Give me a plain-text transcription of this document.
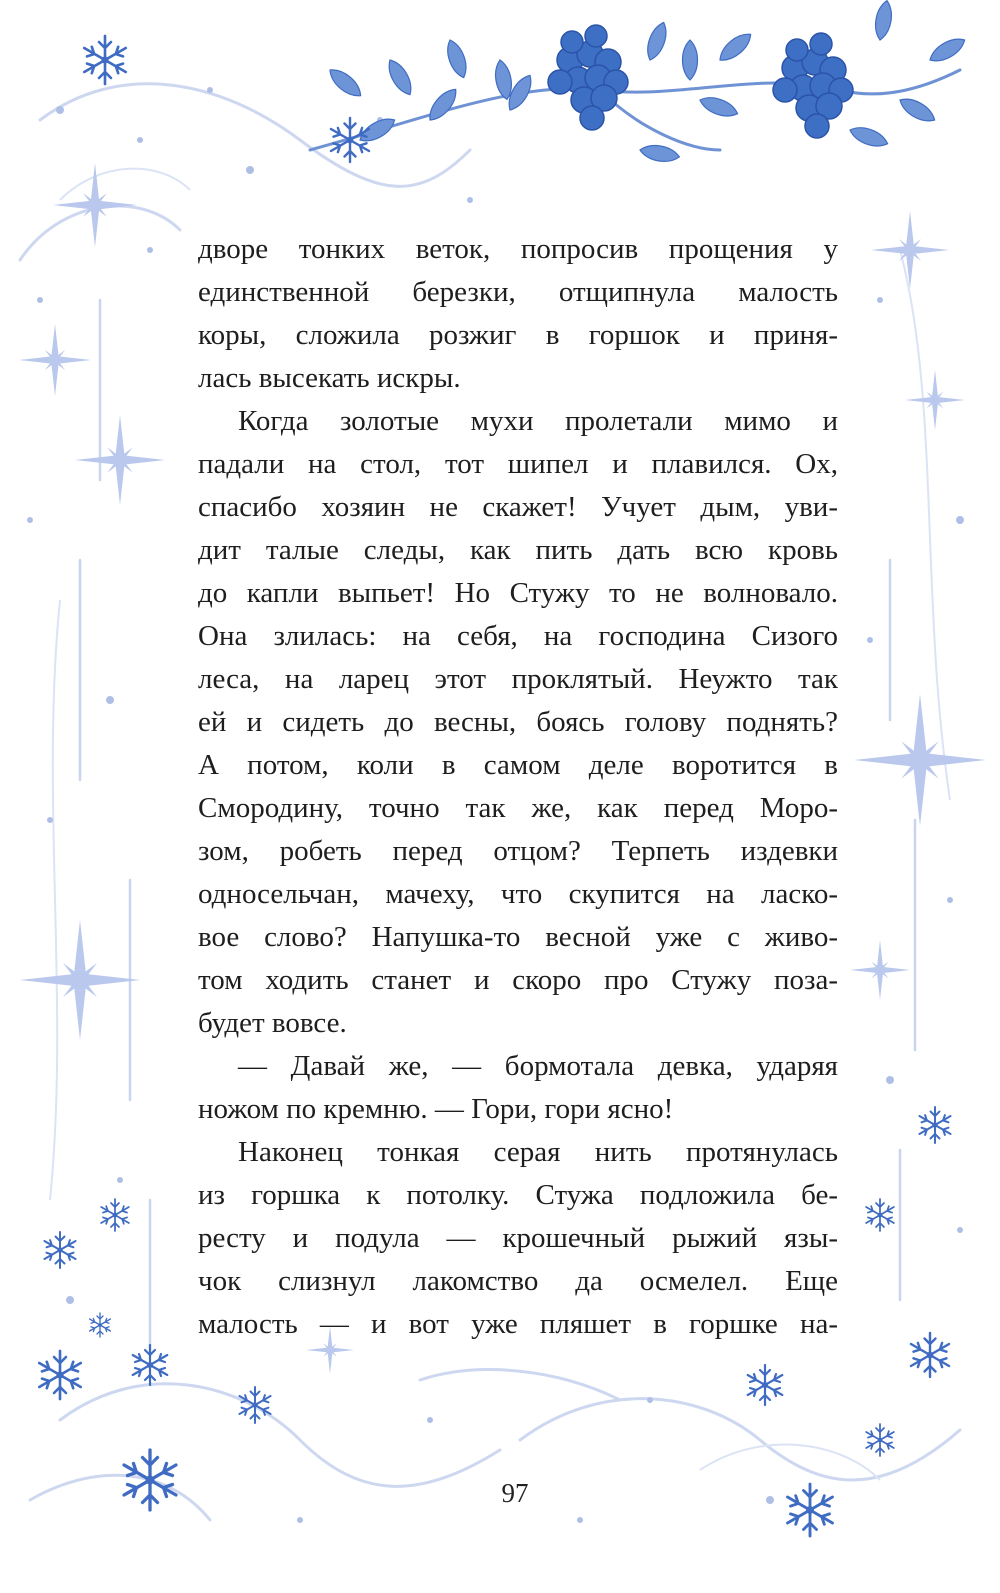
дворе тонких веток, попросив прощения у
единственной березки, отщипнула малость
коры, сложила розжиг в горшок и приня-
лась высекать искры.
Когда золотые мухи пролетали мимо и
падали на стол, тот шипел и плавился. Ох,
спасибо хозяин не скажет! Учует дым, уви-
дит талые следы, как пить дать всю кровь
до капли выпьет! Но Стужу то не волновало.
Она злилась: на себя, на господина Сизого
леса, на ларец этот проклятый. Неужто так
ей и сидеть до весны, боясь голову поднять?
А потом, коли в самом деле воротится в
Смородину, точно так же, как перед Моро-
зом, робеть перед отцом? Терпеть издевки
односельчан, мачеху, что скупится на ласко-
вое слово? Напушка-то весной уже с живо-
том ходить станет и скоро про Стужу поза-
будет вовсе.
— Давай же, — бормотала девка, ударяя
ножом по кремню. — Гори, гори ясно!
Наконец тонкая серая нить протянулась
из горшка к потолку. Стужа подложила бе-
ресту и подула — крошечный рыжий язы-
чок слизнул лакомство да осмелел. Еще
малость — и вот уже пляшет в горшке на-
97
